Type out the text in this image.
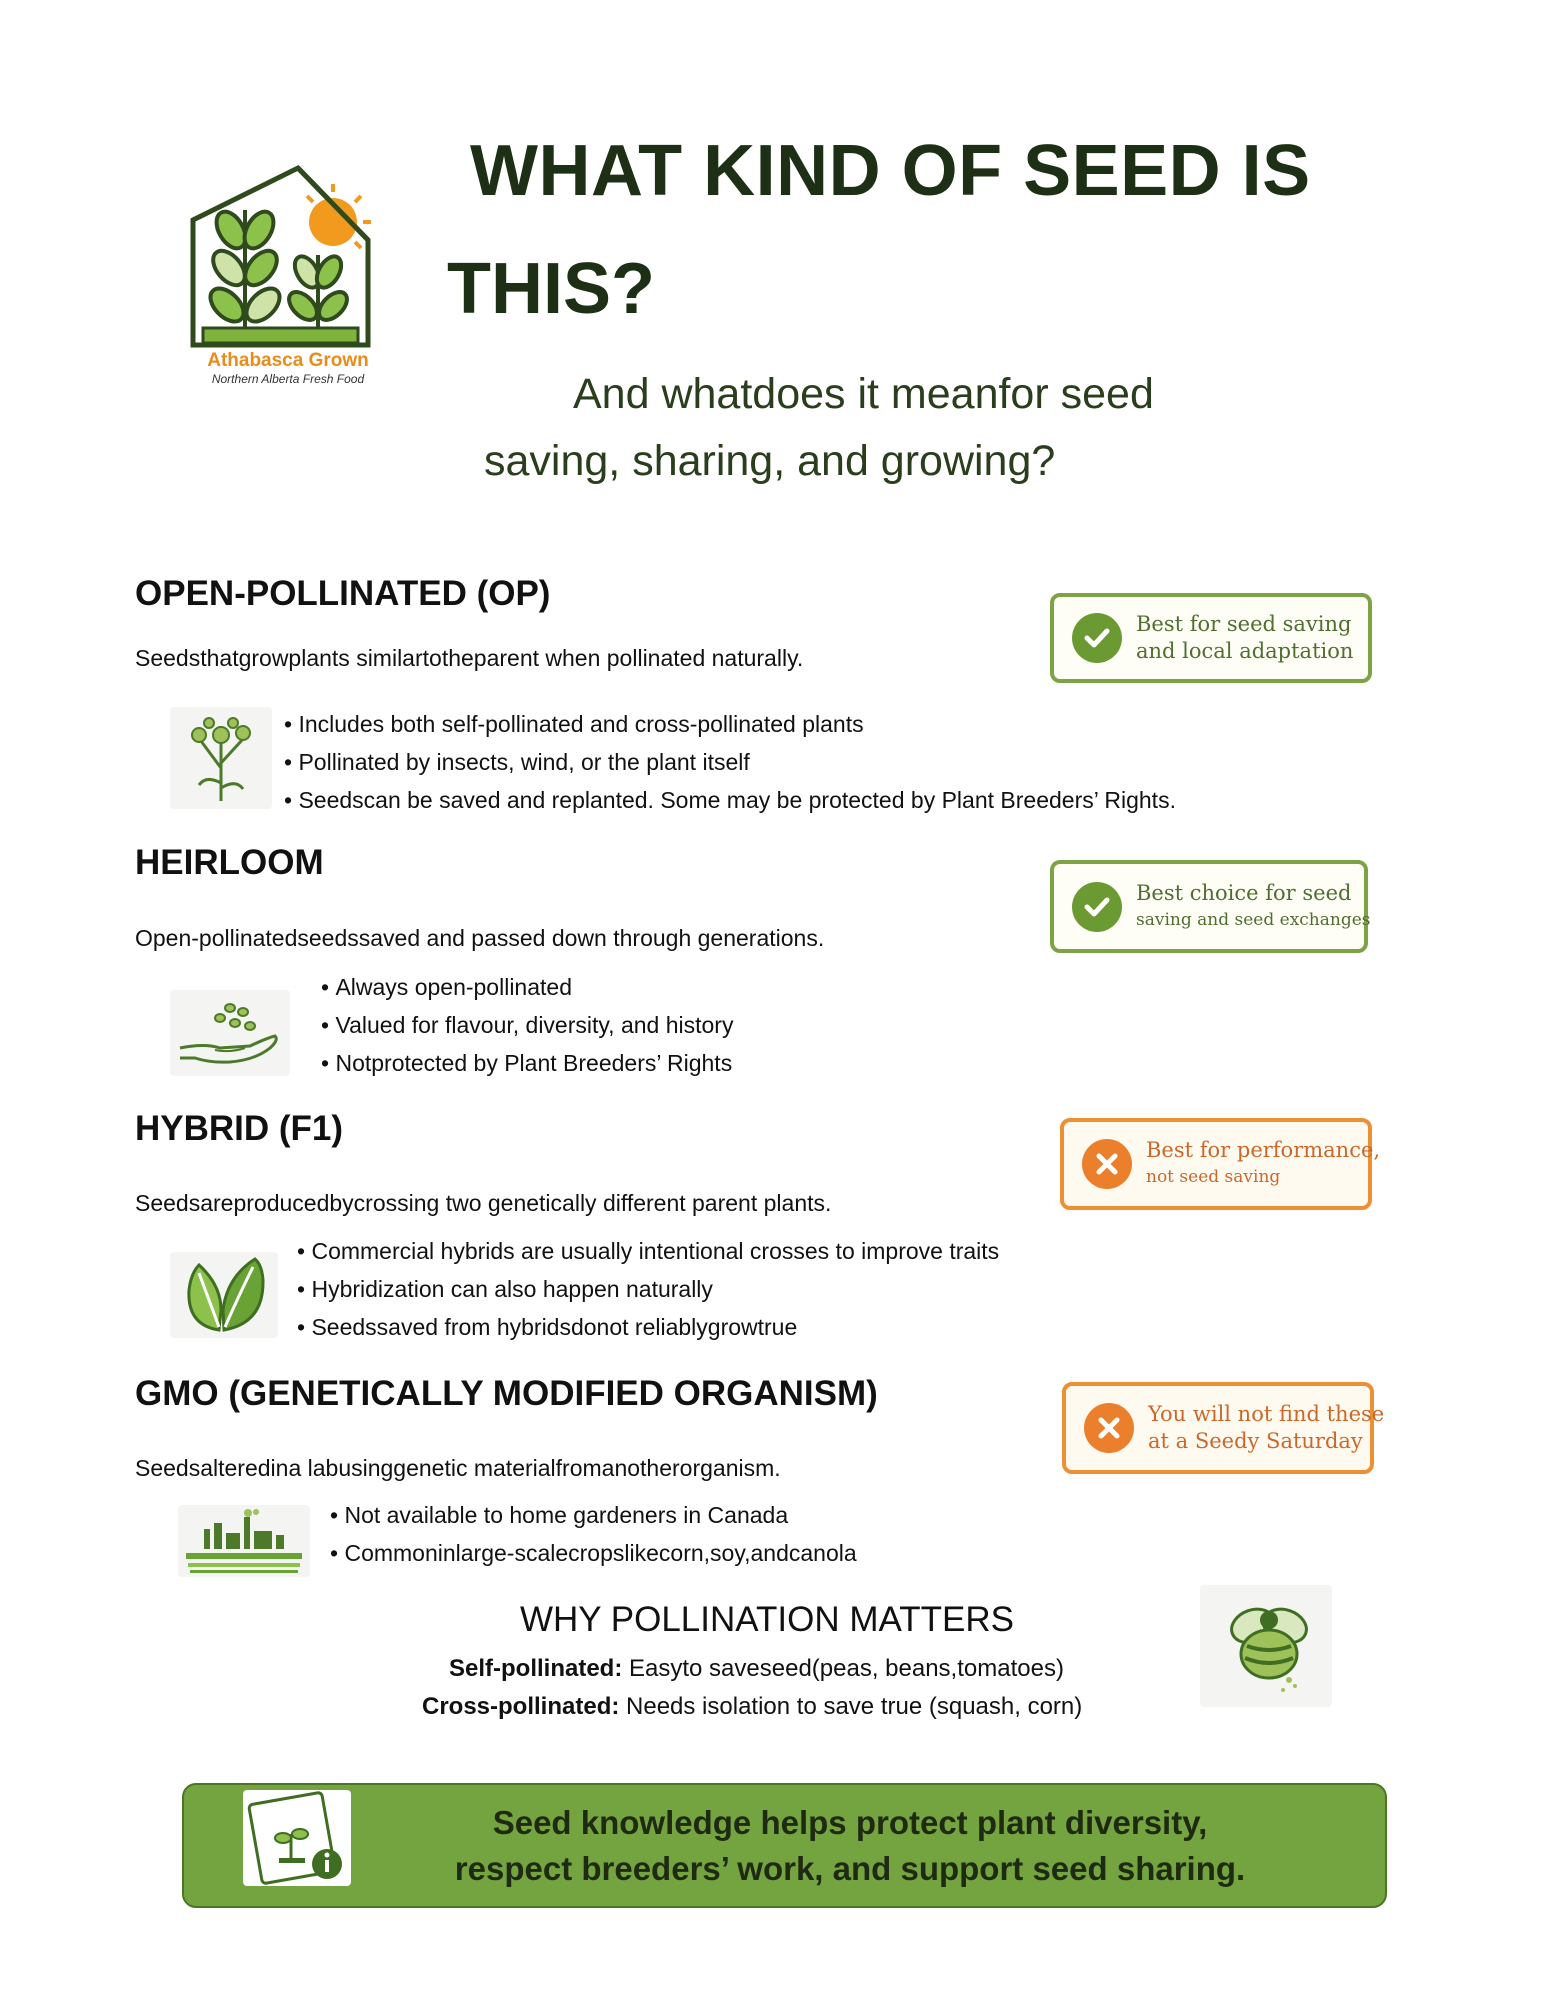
Athabasca Grown
Northern Alberta Fresh Food
WHAT KIND OF SEED IS
THIS?
And whatdoes it meanfor seed
saving, sharing, and growing?
OPEN-POLLINATED (OP)
Seedsthatgrowplants similartotheparent when pollinated naturally.
• Includes both self-pollinated and cross-pollinated plants
• Pollinated by insects, wind, or the plant itself
• Seedscan be saved and replanted. Some may be protected by Plant Breeders’ Rights.
Best for seed saving
and local adaptation
HEIRLOOM
Open-pollinatedseedssaved and passed down through generations.
• Always open-pollinated
• Valued for flavour, diversity, and history
• Notprotected by Plant Breeders’ Rights
Best choice for seed
saving and seed exchanges
HYBRID (F1)
Seedsareproducedbycrossing two genetically different parent plants.
• Commercial hybrids are usually intentional crosses to improve traits
• Hybridization can also happen naturally
• Seedssaved from hybridsdonot reliablygrowtrue
Best for performance,
not seed saving
GMO (GENETICALLY MODIFIED ORGANISM)
Seedsalteredina labusinggenetic materialfromanotherorganism.
• Not available to home gardeners in Canada
• Commoninlarge-scalecropslikecorn,soy,andcanola
You will not find these
at a Seedy Saturday
WHY POLLINATION MATTERS
Self-pollinated: Easyto saveseed(peas, beans,tomatoes)
Cross-pollinated: Needs isolation to save true (squash, corn)
Seed knowledge helps protect plant diversity,
respect breeders’ work, and support seed sharing.
